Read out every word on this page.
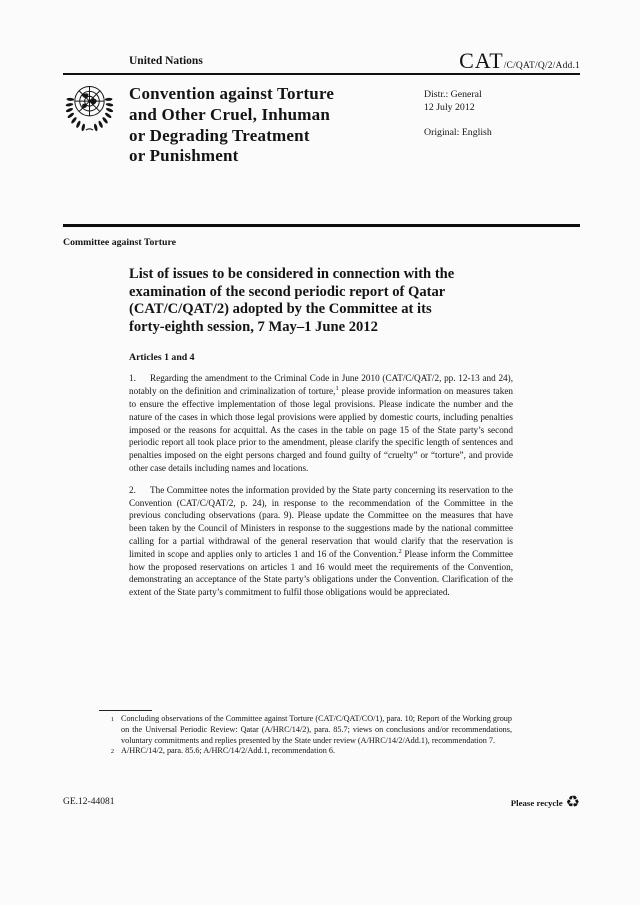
United Nations	CAT/C/QAT/Q/2/Add.1
Convention against Torture
and Other Cruel, Inhuman
or Degrading Treatment
or Punishment
Distr.: General
12 July 2012
Original: English
Committee against Torture
List of issues to be considered in connection with the
examination of the second periodic report of Qatar
(CAT/C/QAT/2) adopted by the Committee at its
forty-eighth session, 7 May–1 June 2012
Articles 1 and 4
1. Regarding the amendment to the Criminal Code in June 2010 (CAT/C/QAT/2, pp. 12-13 and 24), notably on the definition and criminalization of torture,$^1$ please provide information on measures taken to ensure the effective implementation of those legal provisions. Please indicate the number and the nature of the cases in which those legal provisions were applied by domestic courts, including penalties imposed or the reasons for acquittal. As the cases in the table on page 15 of the State party’s second periodic report all took place prior to the amendment, please clarify the specific length of sentences and penalties imposed on the eight persons charged and found guilty of “cruelty” or “torture”, and provide other case details including names and locations.
2. The Committee notes the information provided by the State party concerning its reservation to the Convention (CAT/C/QAT/2, p. 24), in response to the recommendation of the Committee in the previous concluding observations (para. 9). Please update the Committee on the measures that have been taken by the Council of Ministers in response to the suggestions made by the national committee calling for a partial withdrawal of the general reservation that would clarify that the reservation is limited in scope and applies only to articles 1 and 16 of the Convention.$^2$ Please inform the Committee how the proposed reservations on articles 1 and 16 would meet the requirements of the Convention, demonstrating an acceptance of the State party’s obligations under the Convention. Clarification of the extent of the State party’s commitment to fulfil those obligations would be appreciated.
1 Concluding observations of the Committee against Torture (CAT/C/QAT/CO/1), para. 10; Report of the Working group on the Universal Periodic Review: Qatar (A/HRC/14/2), para. 85.7; views on conclusions and/or recommendations, voluntary commitments and replies presented by the State under review (A/HRC/14/2/Add.1), recommendation 7.
2 A/HRC/14/2, para. 85.6; A/HRC/14/2/Add.1, recommendation 6.
GE.12-44081	Please recycle ♻
